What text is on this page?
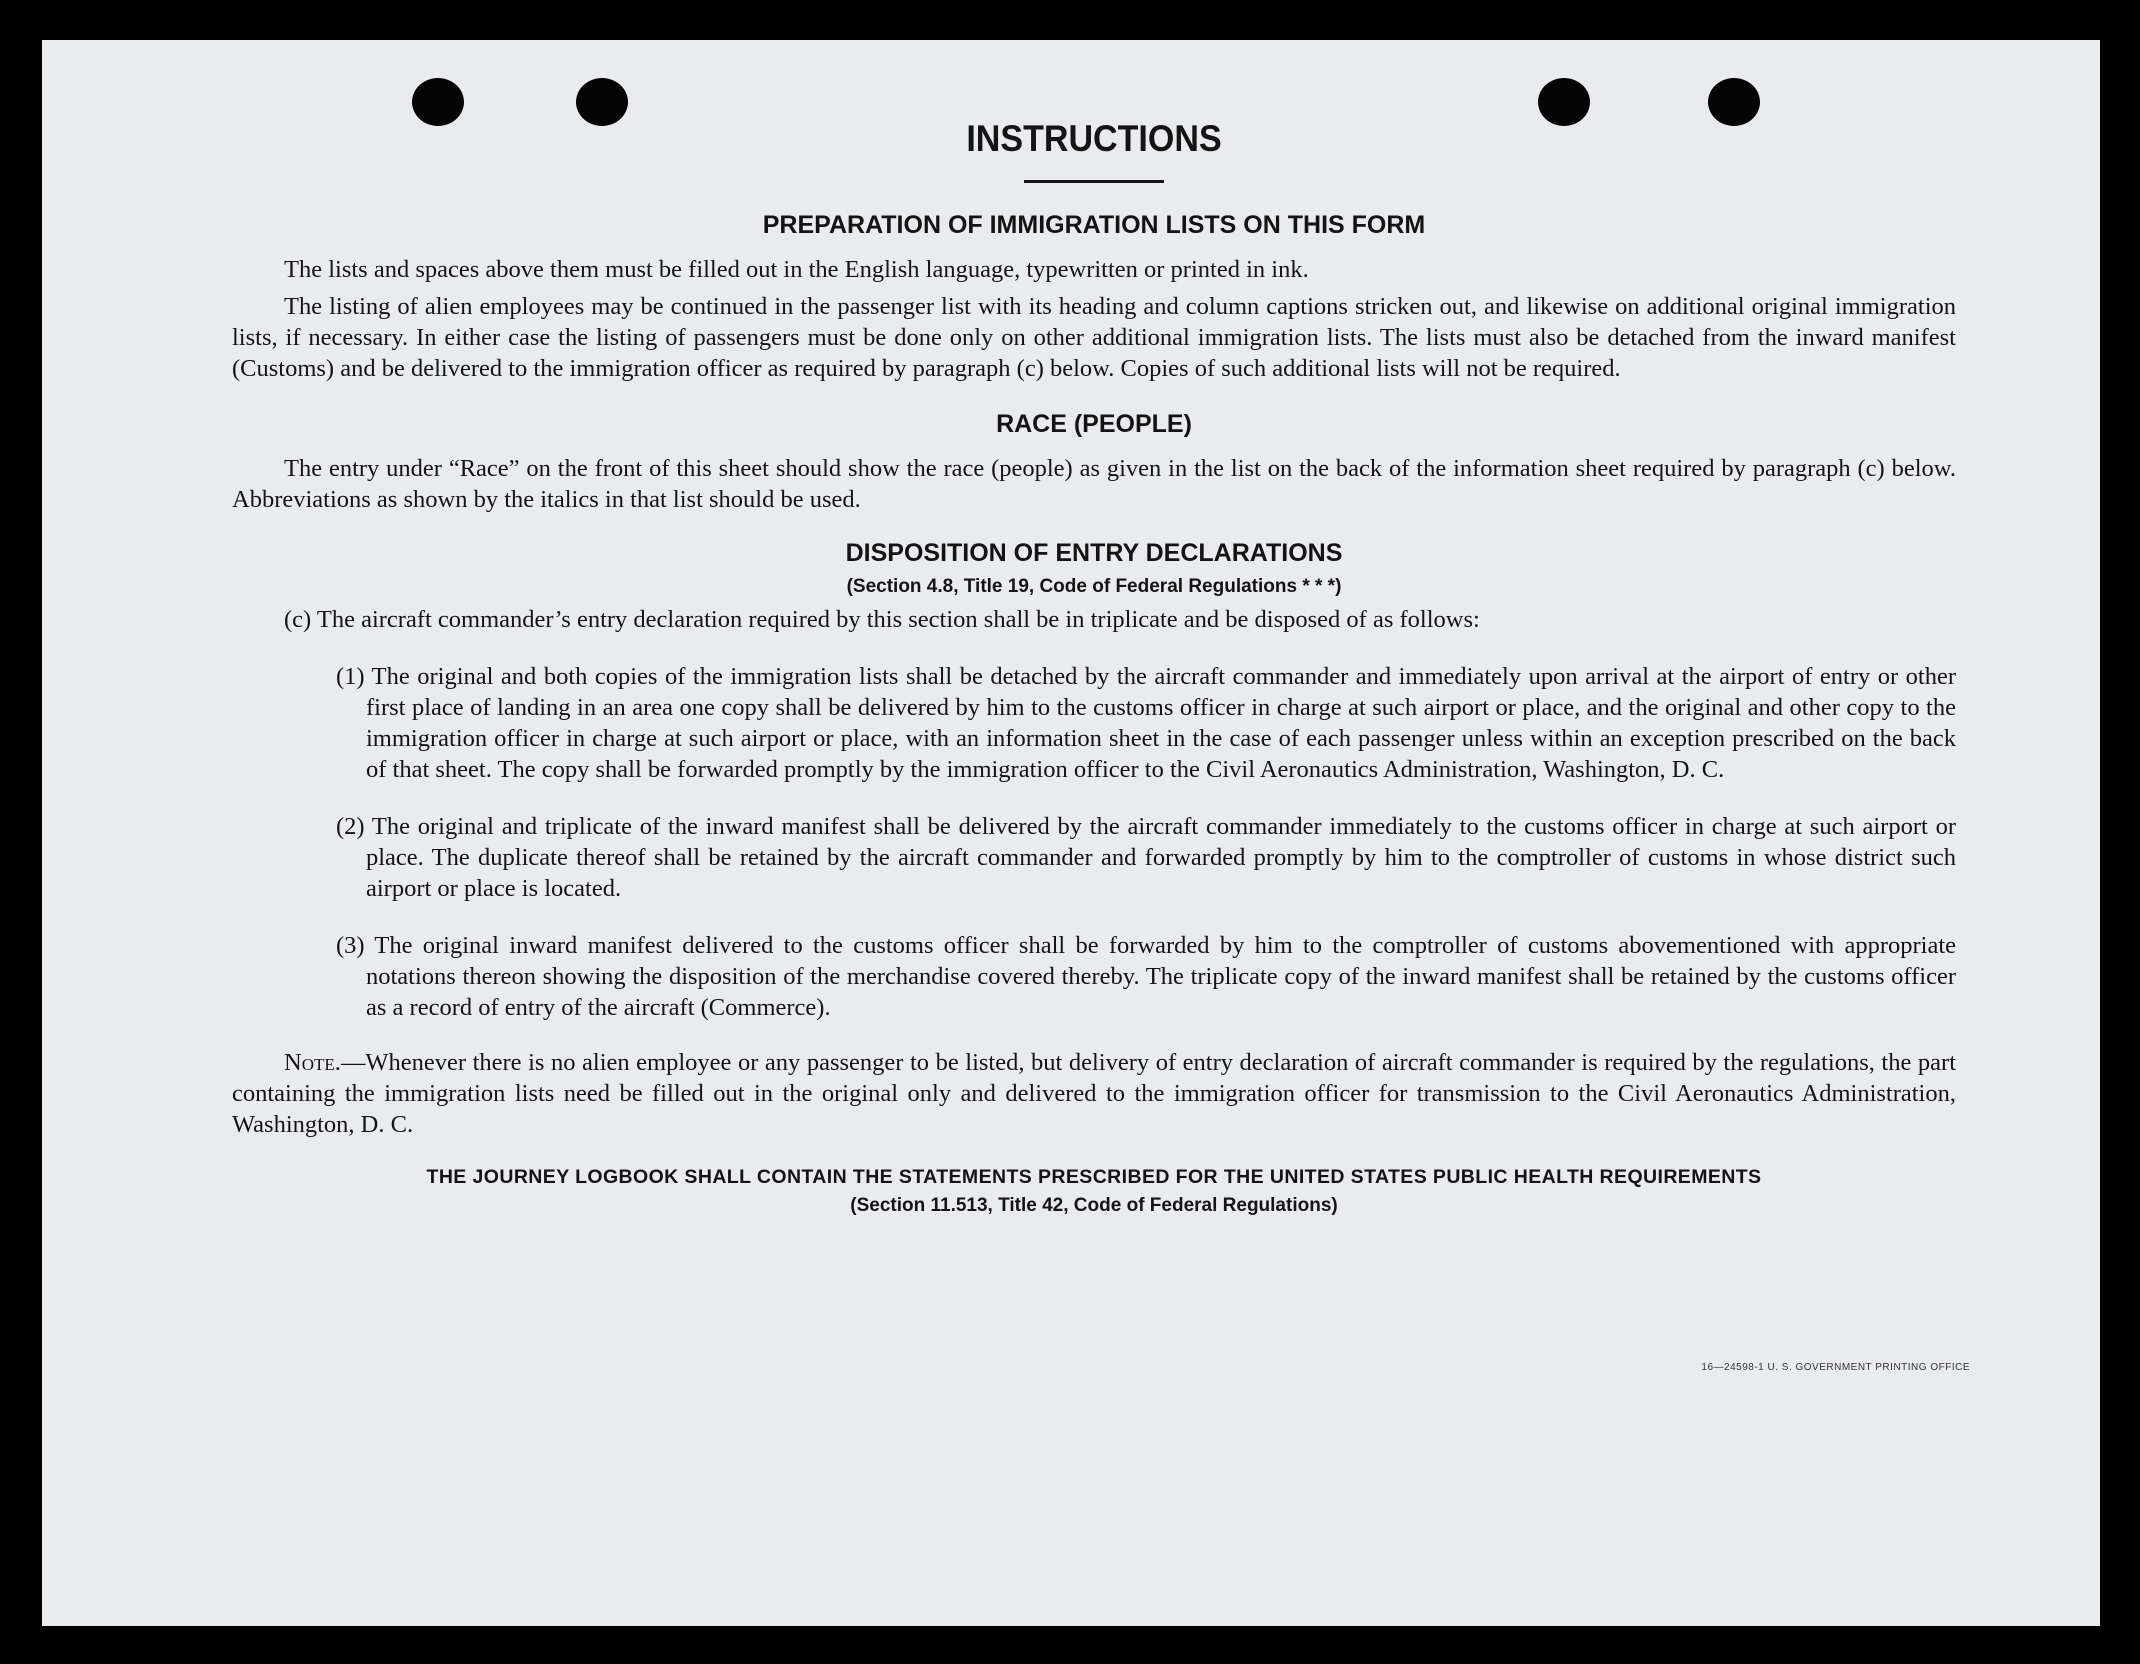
INSTRUCTIONS
PREPARATION OF IMMIGRATION LISTS ON THIS FORM

The lists and spaces above them must be filled out in the English language, typewritten or printed in ink.

The listing of alien employees may be continued in the passenger list with its heading and column captions stricken out, and likewise on additional original immigration lists, if necessary. In either case the listing of passengers must be done only on other additional immigration lists. The lists must also be detached from the inward manifest (Customs) and be delivered to the immigration officer as required by paragraph (c) below. Copies of such additional lists will not be required.

RACE (PEOPLE)

The entry under “Race” on the front of this sheet should show the race (people) as given in the list on the back of the information sheet required by paragraph (c) below. Abbreviations as shown by the italics in that list should be used.

DISPOSITION OF ENTRY DECLARATIONS
(Section 4.8, Title 19, Code of Federal Regulations * * *)

(c) The aircraft commander’s entry declaration required by this section shall be in triplicate and be disposed of as follows:

(1) The original and both copies of the immigration lists shall be detached by the aircraft commander and immediately upon arrival at the airport of entry or other first place of landing in an area one copy shall be delivered by him to the customs officer in charge at such airport or place, and the original and other copy to the immigration officer in charge at such airport or place, with an information sheet in the case of each passenger unless within an exception prescribed on the back of that sheet. The copy shall be forwarded promptly by the immigration officer to the Civil Aeronautics Administration, Washington, D. C.

(2) The original and triplicate of the inward manifest shall be delivered by the aircraft commander immediately to the customs officer in charge at such airport or place. The duplicate thereof shall be retained by the aircraft commander and forwarded promptly by him to the comptroller of customs in whose district such airport or place is located.

(3) The original inward manifest delivered to the customs officer shall be forwarded by him to the comptroller of customs abovementioned with appropriate notations thereon showing the disposition of the merchandise covered thereby. The triplicate copy of the inward manifest shall be retained by the customs officer as a record of entry of the aircraft (Commerce).

Note.—Whenever there is no alien employee or any passenger to be listed, but delivery of entry declaration of aircraft commander is required by the regulations, the part containing the immigration lists need be filled out in the original only and delivered to the immigration officer for transmission to the Civil Aeronautics Administration, Washington, D. C.

THE JOURNEY LOGBOOK SHALL CONTAIN THE STATEMENTS PRESCRIBED FOR THE UNITED STATES PUBLIC HEALTH REQUIREMENTS
(Section 11.513, Title 42, Code of Federal Regulations)
16—24598-1 U. S. GOVERNMENT PRINTING OFFICE
